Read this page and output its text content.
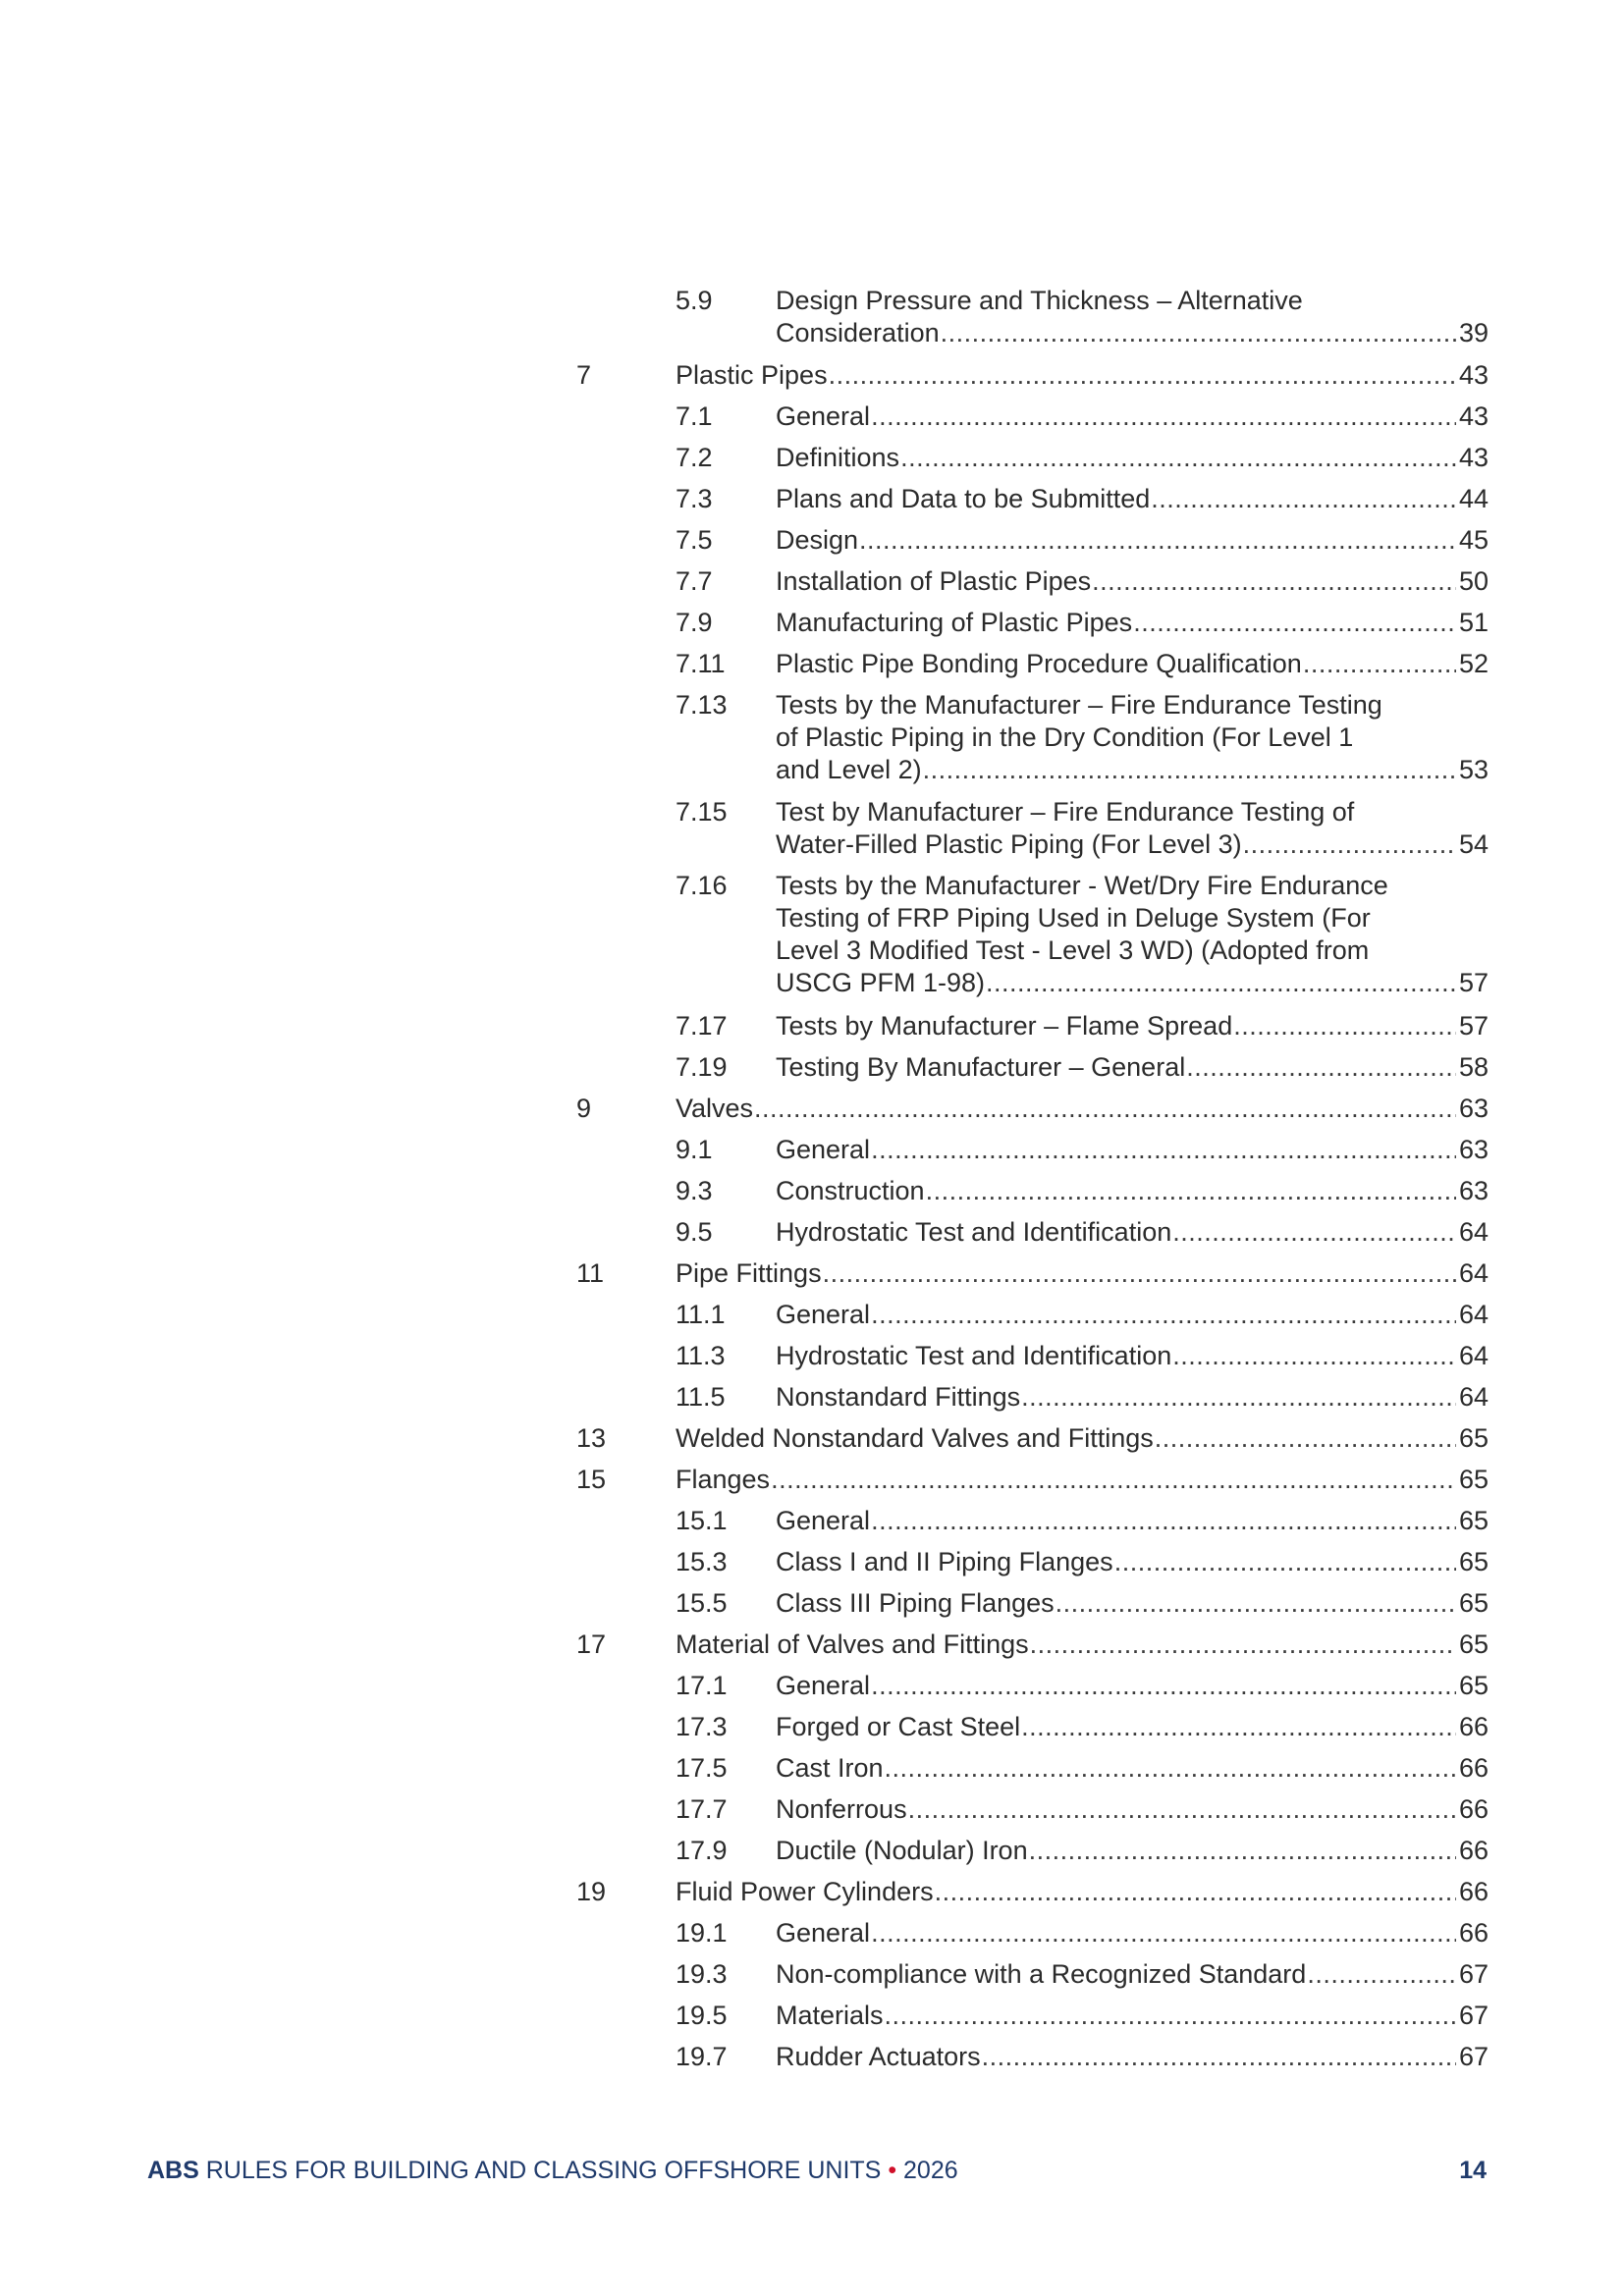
5.9 Design Pressure and Thickness – Alternative
Consideration .....	39
7	Plastic Pipes .....	43
7.1 General .....	43
7.2 Definitions .....	43
7.3 Plans and Data to be Submitted .....	44
7.5 Design .....	45
7.7 Installation of Plastic Pipes .....	50
7.9 Manufacturing of Plastic Pipes .....	51
7.11 Plastic Pipe Bonding Procedure Qualification .....	52
7.13 Tests by the Manufacturer – Fire Endurance Testing
of Plastic Piping in the Dry Condition (For Level 1
and Level 2) .....	53
7.15 Test by Manufacturer – Fire Endurance Testing of
Water-Filled Plastic Piping (For Level 3) .....	54
7.16 Tests by the Manufacturer - Wet/Dry Fire Endurance
Testing of FRP Piping Used in Deluge System (For
Level 3 Modified Test - Level 3 WD) (Adopted from
USCG PFM 1-98) .....	57
7.17 Tests by Manufacturer – Flame Spread .....	57
7.19 Testing By Manufacturer – General .....	58
9	Valves .....	63
9.1 General .....	63
9.3 Construction .....	63
9.5 Hydrostatic Test and Identification .....	64
11	Pipe Fittings .....	64
11.1 General .....	64
11.3 Hydrostatic Test and Identification .....	64
11.5 Nonstandard Fittings .....	64
13	Welded Nonstandard Valves and Fittings .....	65
15	Flanges .....	65
15.1 General .....	65
15.3 Class I and II Piping Flanges .....	65
15.5 Class III Piping Flanges .....	65
17	Material of Valves and Fittings .....	65
17.1 General .....	65
17.3 Forged or Cast Steel .....	66
17.5 Cast Iron .....	66
17.7 Nonferrous .....	66
17.9 Ductile (Nodular) Iron .....	66
19	Fluid Power Cylinders .....	66
19.1 General .....	66
19.3 Non-compliance with a Recognized Standard .....	67
19.5 Materials .....	67
19.7 Rudder Actuators .....	67
ABS RULES FOR BUILDING AND CLASSING OFFSHORE UNITS • 2026	14
